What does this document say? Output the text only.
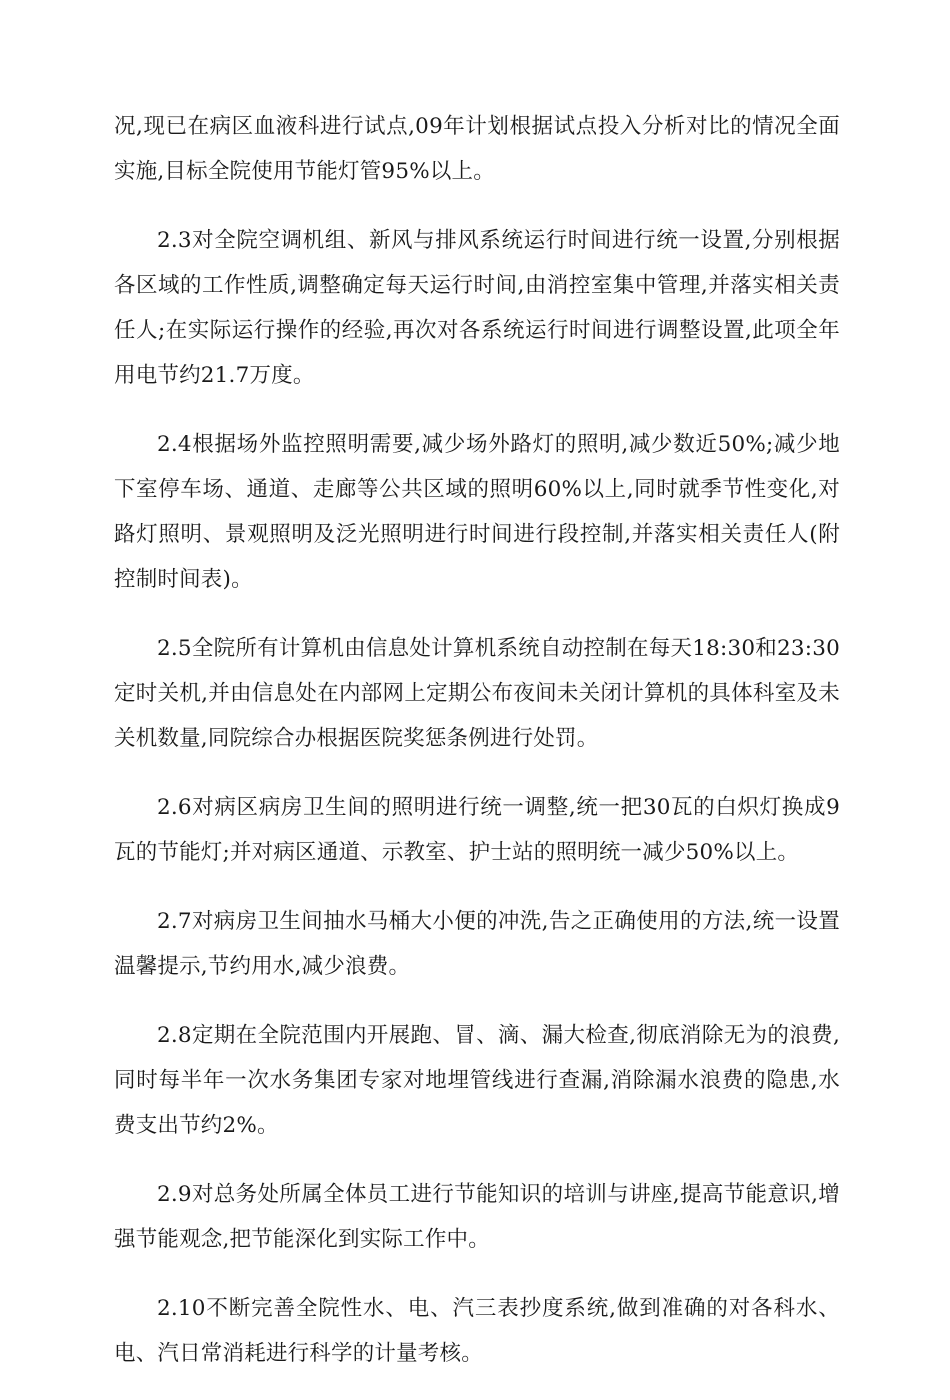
况,现已在病区血液科进行试点,09年计划根据试点投入分析对比的情况全面实施,目标全院使用节能灯管95%以上。

2.3对全院空调机组、新风与排风系统运行时间进行统一设置,分别根据各区域的工作性质,调整确定每天运行时间,由消控室集中管理,并落实相关责任人;在实际运行操作的经验,再次对各系统运行时间进行调整设置,此项全年用电节约21.7万度。

2.4根据场外监控照明需要,减少场外路灯的照明,减少数近50%;减少地下室停车场、通道、走廊等公共区域的照明60%以上,同时就季节性变化,对路灯照明、景观照明及泛光照明进行时间进行段控制,并落实相关责任人(附控制时间表)。

2.5全院所有计算机由信息处计算机系统自动控制在每天18:30和23:30定时关机,并由信息处在内部网上定期公布夜间未关闭计算机的具体科室及未关机数量,同院综合办根据医院奖惩条例进行处罚。

2.6对病区病房卫生间的照明进行统一调整,统一把30瓦的白炽灯换成9瓦的节能灯;并对病区通道、示教室、护士站的照明统一减少50%以上。

2.7对病房卫生间抽水马桶大小便的冲洗,告之正确使用的方法,统一设置温馨提示,节约用水,减少浪费。

2.8定期在全院范围内开展跑、冒、滴、漏大检查,彻底消除无为的浪费,同时每半年一次水务集团专家对地埋管线进行查漏,消除漏水浪费的隐患,水费支出节约2%。

2.9对总务处所属全体员工进行节能知识的培训与讲座,提高节能意识,增强节能观念,把节能深化到实际工作中。

2.10不断完善全院性水、电、汽三表抄度系统,做到准确的对各科水、电、汽日常消耗进行科学的计量考核。
